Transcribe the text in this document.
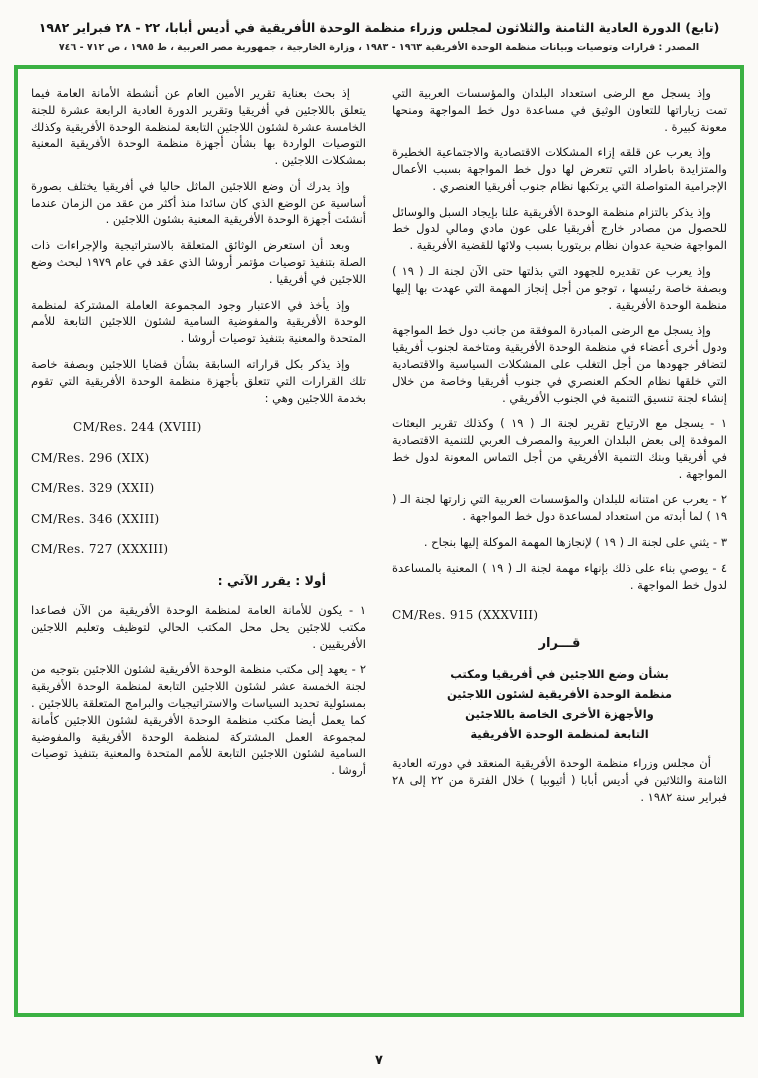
(تابع) الدورة العادية الثامنة والثلاثون لمجلس وزراء منظمة الوحدة الأفريقية في أديس أبابا، ٢٢ - ٢٨ فبراير ١٩٨٢
المصدر : قرارات وتوصيات وبيانات منظمة الوحدة الأفريقية ١٩٦٣ - ١٩٨٣ ، وزارة الخارجية ، جمهورية مصر العربية ، ط ١٩٨٥ ، ص ٧١٢ - ٧٤٦

وإذ يسجل مع الرضى استعداد البلدان والمؤسسات العربية التي تمت زياراتها للتعاون الوثيق في مساعدة دول خط المواجهة ومنحها معونة كبيرة .

وإذ يعرب عن قلقه إزاء المشكلات الاقتصادية والاجتماعية الخطيرة والمتزايدة باطراد التي تتعرض لها دول خط المواجهة بسبب الأعمال الإجرامية المتواصلة التي يرتكبها نظام جنوب أفريقيا العنصري .

وإذ يذكر بالتزام منظمة الوحدة الأفريقية علنا بإيجاد السبل والوسائل للحصول من مصادر خارج أفريقيا على عون مادي ومالي لدول خط المواجهة ضحية عدوان نظام بريتوريا بسبب ولائها للقضية الأفريقية .

وإذ يعرب عن تقديره للجهود التي بذلتها حتى الآن لجنة الـ ( ١٩ ) وبصفة خاصة رئيسها ، توجو من أجل إنجاز المهمة التي عهدت بها إليها منظمة الوحدة الأفريقية .

وإذ يسجل مع الرضى المبادرة الموفقة من جانب دول خط المواجهة ودول أخرى أعضاء في منظمة الوحدة الأفريقية ومتاخمة لجنوب أفريقيا لتضافر جهودها من أجل التغلب على المشكلات السياسية والاقتصادية التي خلقها نظام الحكم العنصري في جنوب أفريقيا وخاصة من خلال إنشاء لجنة تنسيق التنمية في الجنوب الأفريقي .

١ - يسجل مع الارتياح تقرير لجنة الـ ( ١٩ ) وكذلك تقرير البعثات الموفدة إلى بعض البلدان العربية والمصرف العربي للتنمية الاقتصادية في أفريقيا وبنك التنمية الأفريقي من أجل التماس المعونة لدول خط المواجهة .

٢ - يعرب عن امتنانه للبلدان والمؤسسات العربية التي زارتها لجنة الـ ( ١٩ ) لما أبدته من استعداد لمساعدة دول خط المواجهة .

٣ - يثني على لجنة الـ ( ١٩ ) لإنجازها المهمة الموكلة إليها بنجاح .

٤ - يوصي بناء على ذلك بإنهاء مهمة لجنة الـ ( ١٩ ) المعنية بالمساعدة لدول خط المواجهة .

CM/Res. 915 (XXXVIII)
قـــرار
بشأن وضع اللاجئين في أفريقيا ومكتب
منظمة الوحدة الأفريقية لشئون اللاجئين
والأجهزة الأخرى الخاصة باللاجئين
التابعة لمنظمة الوحدة الأفريقية

أن مجلس وزراء منظمة الوحدة الأفريقية المنعقد في دورته العادية الثامنة والثلاثين في أديس أبابا ( أثيوبيا ) خلال الفترة من ٢٢ إلى ٢٨ فبراير سنة ١٩٨٢ .

إذ بحث بعناية تقرير الأمين العام عن أنشطة الأمانة العامة فيما يتعلق باللاجئين في أفريقيا وتقرير الدورة العادية الرابعة عشرة للجنة الخامسة عشرة لشئون اللاجئين التابعة لمنظمة الوحدة الأفريقية وكذلك التوصيات الواردة بها بشأن أجهزة منظمة الوحدة الأفريقية المعنية بمشكلات اللاجئين .

وإذ يدرك أن وضع اللاجئين الماثل حاليا في أفريقيا يختلف بصورة أساسية عن الوضع الذي كان سائدا منذ أكثر من عقد من الزمان عندما أنشئت أجهزة الوحدة الأفريقية المعنية بشئون اللاجئين .

وبعد أن استعرض الوثائق المتعلقة بالاستراتيجية والإجراءات ذات الصلة بتنفيذ توصيات مؤتمر أروشا الذي عقد في عام ١٩٧٩ لبحث وضع اللاجئين في أفريقيا .

وإذ يأخذ في الاعتبار وجود المجموعة العاملة المشتركة لمنظمة الوحدة الأفريقية والمفوضية السامية لشئون اللاجئين التابعة للأمم المتحدة والمعنية بتنفيذ توصيات أروشا .

وإذ يذكر بكل قراراته السابقة بشأن قضايا اللاجئين وبصفة خاصة تلك القرارات التي تتعلق بأجهزة منظمة الوحدة الأفريقية التي تقوم بخدمة اللاجئين وهي :

CM/Res. 244 (XVIII)
CM/Res. 296 (XIX)
CM/Res. 329 (XXII)
CM/Res. 346 (XXIII)
CM/Res. 727 (XXXIII)
أولا : يقرر الآتي :

١ - يكون للأمانة العامة لمنظمة الوحدة الأفريقية من الآن فصاعدا مكتب للاجئين يحل محل المكتب الحالي لتوظيف وتعليم اللاجئين الأفريقيين .

٢ - يعهد إلى مكتب منظمة الوحدة الأفريقية لشئون اللاجئين بتوجيه من لجنة الخمسة عشر لشئون اللاجئين التابعة لمنظمة الوحدة الأفريقية بمسئولية تحديد السياسات والاستراتيجيات والبرامج المتعلقة باللاجئين . كما يعمل أيضا مكتب منظمة الوحدة الأفريقية لشئون اللاجئين كأمانة لمجموعة العمل المشتركة لمنظمة الوحدة الأفريقية والمفوضية السامية لشئون اللاجئين التابعة للأمم المتحدة والمعنية بتنفيذ توصيات أروشا .

٧
